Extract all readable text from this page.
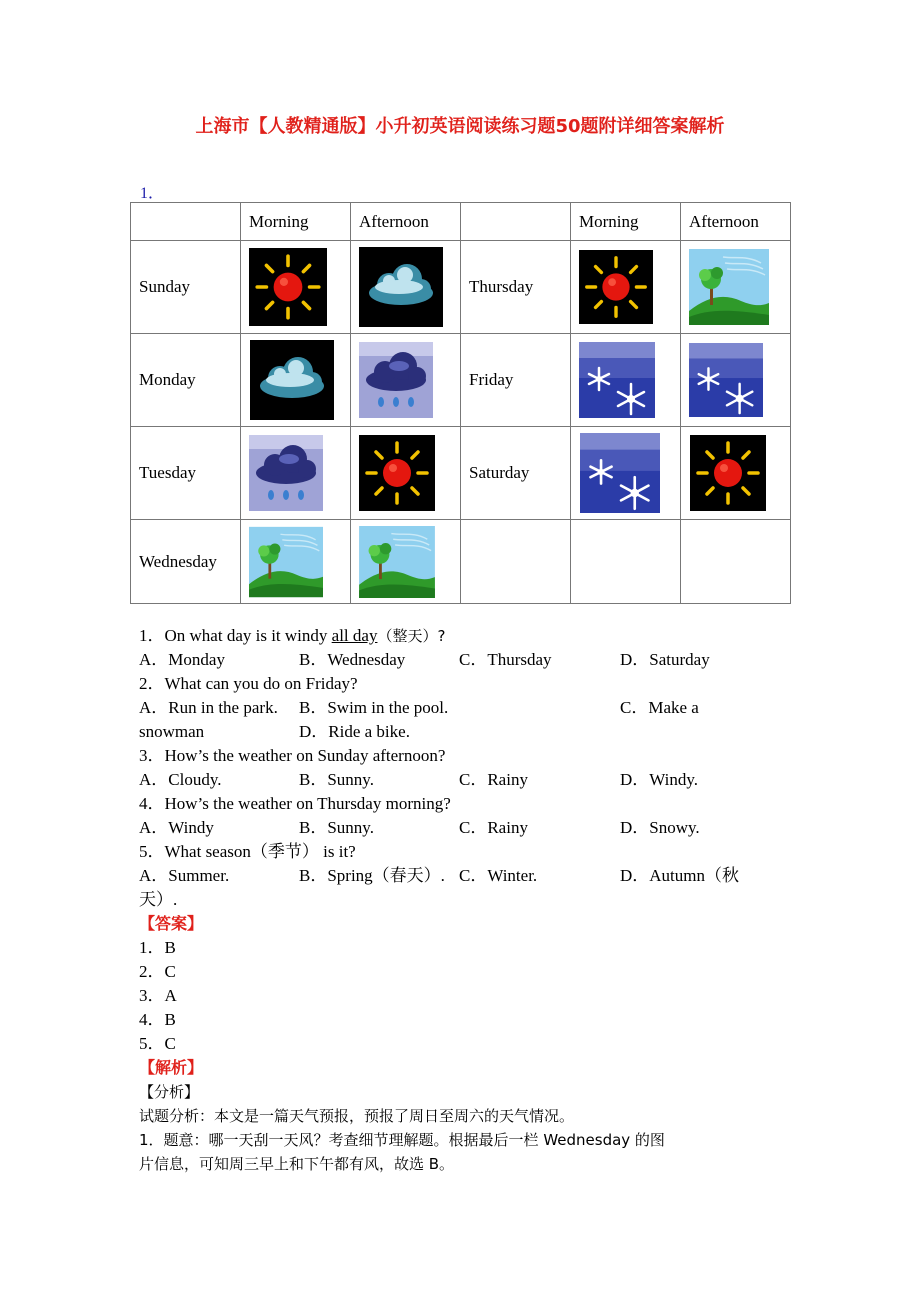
上海市【人教精通版】小升初英语阅读练习题50题附详细答案解析
1．
	Morning	Afternoon		Morning	Afternoon
Sunday			Thursday	

Monday			Friday	

Tuesday			Saturday	

Wednesday	

1．On what day is it windy all day（整天）?
A．Monday	B．Wednesday	C．Thursday	D．Saturday
2．What can you do on Friday?
A．Run in the park. B．Swim in the pool.	C．Make a
snowman	D．Ride a bike.
3．How’s the weather on Sunday afternoon?
A．Cloudy.	B．Sunny.	C．Rainy	D．Windy.
4．How’s the weather on Thursday morning?
A．Windy	B．Sunny.	C．Rainy	D．Snowy.
5．What season（季节） is it?
A．Summer.	B．Spring（春天）. C．Winter.	D．Autumn（秋
天）.
【答案】
1．B
2．C
3．A
4．B
5．C
【解析】
【分析】
试题分析：本文是一篇天气预报，预报了周日至周六的天气情况。
1．题意：哪一天刮一天风？考查细节理解题。根据最后一栏 Wednesday 的图
片信息，可知周三早上和下午都有风，故选 B。
